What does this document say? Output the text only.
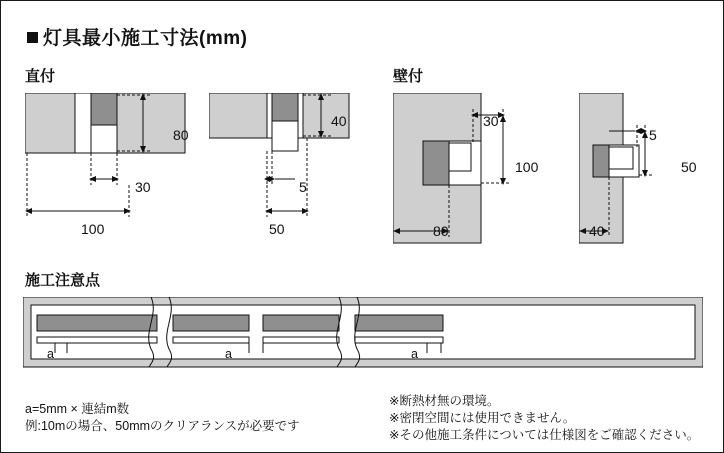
灯具最小施工寸法(mm)
直付	壁付
80
30
100
40
5
50
30
100
80
5
50
40
施工注意点
a	a	a
a=5mm × 連結m数
例:10mの場合、50mmのクリアランスが必要です
※断熱材無の環境。
※密閉空間には使用できません。
※その他施工条件については仕様図をご確認ください。
